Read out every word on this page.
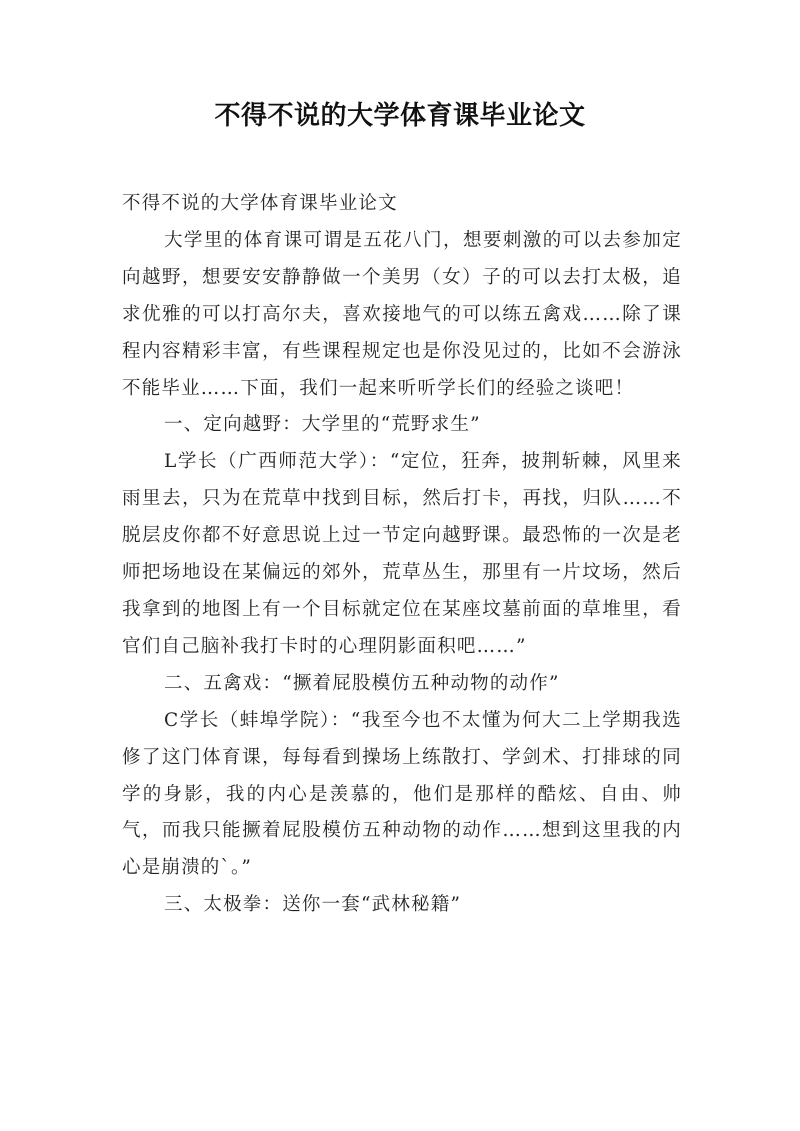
不得不说的大学体育课毕业论文

不得不说的大学体育课毕业论文

大学里的体育课可谓是五花八门，想要刺激的可以去参加定向越野，想要安安静静做一个美男（女）子的可以去打太极，追求优雅的可以打高尔夫，喜欢接地气的可以练五禽戏……除了课程内容精彩丰富，有些课程规定也是你没见过的，比如不会游泳不能毕业……下面，我们一起来听听学长们的经验之谈吧！

一、定向越野：大学里的“荒野求生”

L学长（广西师范大学）：“定位，狂奔，披荆斩棘，风里来雨里去，只为在荒草中找到目标，然后打卡，再找，归队……不脱层皮你都不好意思说上过一节定向越野课。最恐怖的一次是老师把场地设在某偏远的郊外，荒草丛生，那里有一片坟场，然后我拿到的地图上有一个目标就定位在某座坟墓前面的草堆里，看官们自己脑补我打卡时的心理阴影面积吧……”

二、五禽戏：“撅着屁股模仿五种动物的动作”

C学长（蚌埠学院）：“我至今也不太懂为何大二上学期我选修了这门体育课，每每看到操场上练散打、学剑术、打排球的同学的身影，我的内心是羡慕的，他们是那样的酷炫、自由、帅气，而我只能撅着屁股模仿五种动物的动作……想到这里我的内心是崩溃的`。”

三、太极拳：送你一套“武林秘籍”
